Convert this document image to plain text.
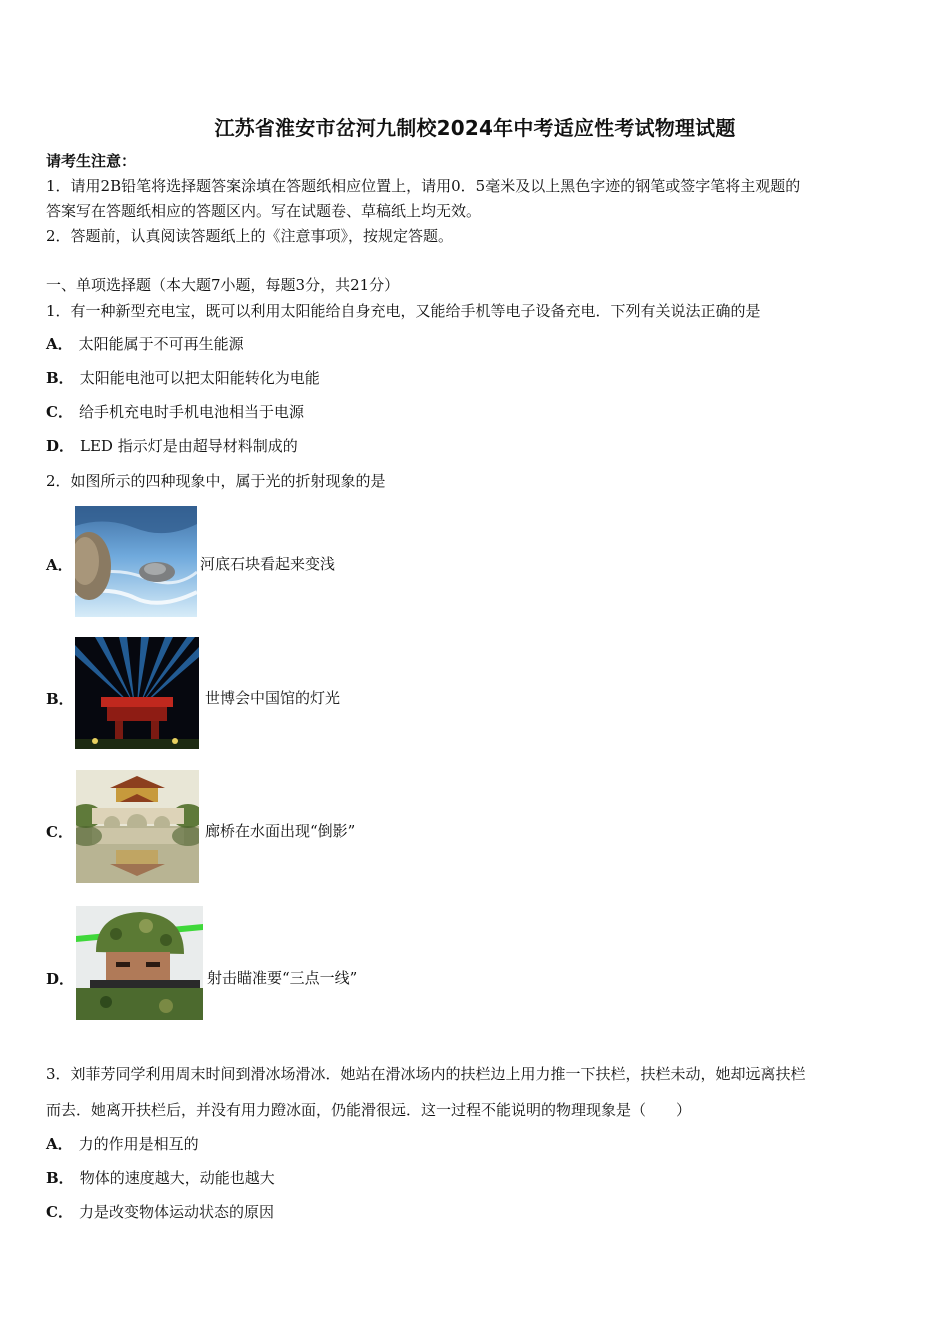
江苏省淮安市岔河九制校2024年中考适应性考试物理试题
请考生注意：
1．请用2B铅笔将选择题答案涂填在答题纸相应位置上，请用0．5毫米及以上黑色字迹的钢笔或签字笔将主观题的
答案写在答题纸相应的答题区内。写在试题卷、草稿纸上均无效。
2．答题前，认真阅读答题纸上的《注意事项》，按规定答题。
一、单项选择题（本大题7小题，每题3分，共21分）
1．有一种新型充电宝，既可以利用太阳能给自身充电，又能给手机等电子设备充电．下列有关说法正确的是
A． 太阳能属于不可再生能源
B． 太阳能电池可以把太阳能转化为电能
C． 给手机充电时手机电池相当于电源
D． LED 指示灯是由超导材料制成的
2．如图所示的四种现象中，属于光的折射现象的是
A．	河底石块看起来变浅
B．	世博会中国馆的灯光
C．	廊桥在水面出现“倒影”
D．	射击瞄准要“三点一线”
3．刘菲芳同学利用周末时间到滑冰场滑冰．她站在滑冰场内的扶栏边上用力推一下扶栏，扶栏未动，她却远离扶栏
而去．她离开扶栏后，并没有用力蹬冰面，仍能滑很远．这一过程不能说明的物理现象是（　　）
A． 力的作用是相互的
B． 物体的速度越大，动能也越大
C． 力是改变物体运动状态的原因
